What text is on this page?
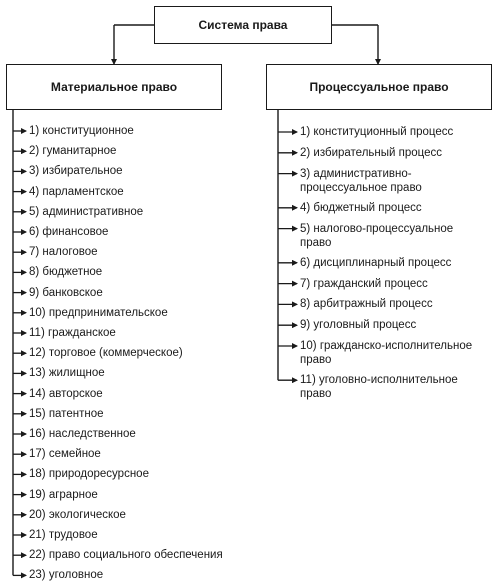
Система права
Материальное право	Процессуальное право
1) конституционное
2) гуманитарное
3) избирательное
4) парламентское
5) административное
6) финансовое
7) налоговое
8) бюджетное
9) банковское
10) предпринимательское
11) гражданское
12) торговое (коммерческое)
13) жилищное
14) авторское
15) патентное
16) наследственное
17) семейное
18) природоресурсное
19) аграрное
20) экологическое
21) трудовое
22) право социального обеспечения
23) уголовное
1) конституционный процесс
2) избирательный процесс
3) административно-
процессуальное право
4) бюджетный процесс
5) налогово-процессуальное
право
6) дисциплинарный процесс
7) гражданский процесс
8) арбитражный процесс
9) уголовный процесс
10) гражданско-исполнительное
право
11) уголовно-исполнительное
право
